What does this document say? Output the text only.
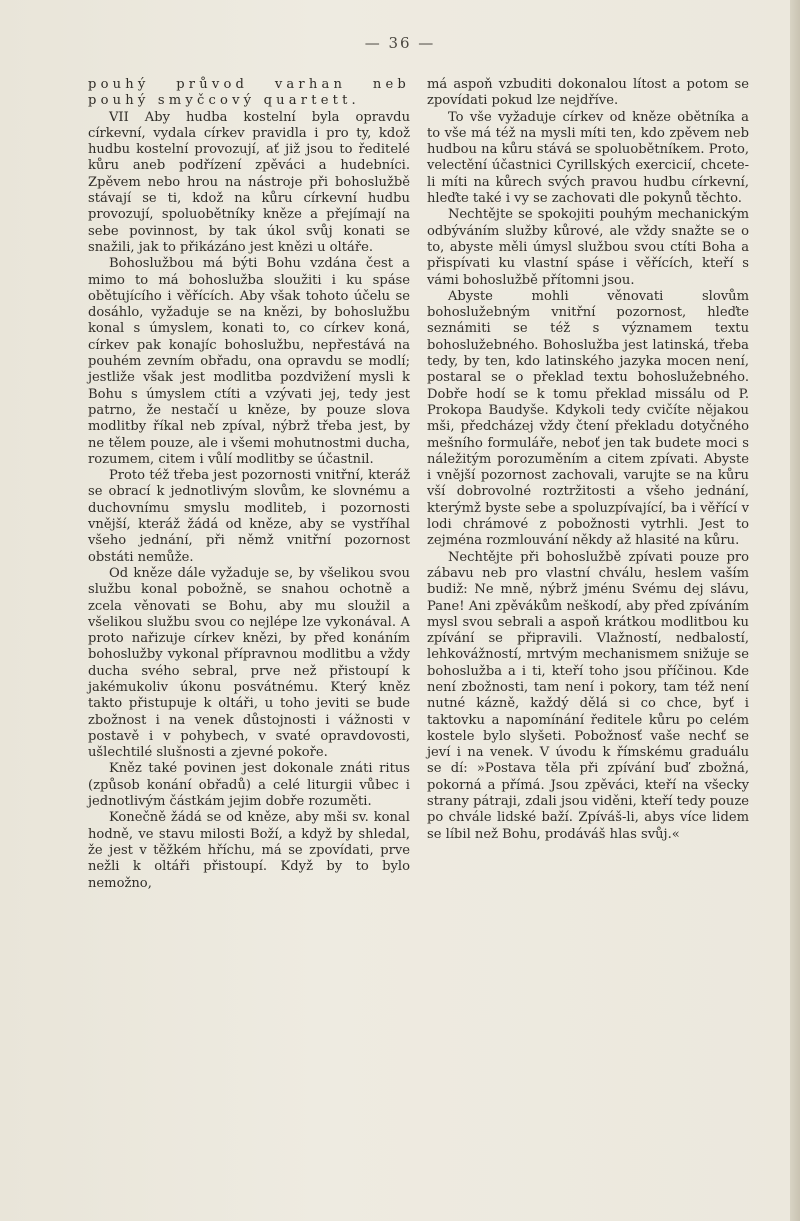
— 36 —

pouhý průvod varhan neb pouhý smyčcový quartett.

VII Aby hudba kostelní byla opravdu církevní, vydala církev pravidla i pro ty, kdož hudbu kostelní provozují, ať již jsou to ředitelé kůru aneb podřízení zpěváci a hudebníci. Zpěvem nebo hrou na nástroje při bohoslužbě stávají se ti, kdož na kůru církevní hudbu provozují, spoluobětníky kněze a přejímají na sebe povinnost, by tak úkol svůj konati se snažili, jak to přikázáno jest knězi u oltáře.

Bohoslužbou má býti Bohu vzdána čest a mimo to má bohoslužba sloužiti i ku spáse obětujícího i věřících. Aby však tohoto účelu se dosáhlo, vyžaduje se na knězi, by bohoslužbu konal s úmyslem, konati to, co církev koná, církev pak konajíc bohoslužbu, nepřestává na pouhém zevním obřadu, ona opravdu se modlí; jestliže však jest modlitba pozdvižení mysli k Bohu s úmyslem ctíti a vzývati jej, tedy jest patrno, že nestačí u kněze, by pouze slova modlitby říkal neb zpíval, nýbrž třeba jest, by ne tělem pouze, ale i všemi mohutnostmi ducha, rozumem, citem i vůlí modlitby se účastnil.

Proto též třeba jest pozornosti vnitřní, kteráž se obrací k jednotlivým slovům, ke slovnému a duchovnímu smyslu modliteb, i pozornosti vnější, kteráž žádá od kněze, aby se vystříhal všeho jednání, při němž vnitřní pozornost obstáti nemůže.

Od kněze dále vyžaduje se, by všelikou svou službu konal pobožně, se snahou ochotně a zcela věnovati se Bohu, aby mu sloužil a všelikou službu svou co nejlépe lze vykonával. A proto nařizuje církev knězi, by před konáním bohoslužby vykonal přípravnou modlitbu a vždy ducha svého sebral, prve než přistoupí k jakémukoliv úkonu posvátnému. Který kněz takto přistupuje k oltáři, u toho jeviti se bude zbožnost i na venek důstojnosti i vážnosti v postavě i v pohybech, v svaté opravdovosti, ušlechtilé slušnosti a zjevné pokoře.

Kněz také povinen jest dokonale znáti ritus (způsob konání obřadů) a celé liturgii vůbec i jednotlivým částkám jejim dobře rozuměti.

Konečně žádá se od kněze, aby mši sv. konal hodně, ve stavu milosti Boží, a když by shledal, že jest v těžkém hříchu, má se zpovídati, prve nežli k oltáři přistoupí. Když by to bylo nemožno,

má aspoň vzbuditi dokonalou lítost a potom se zpovídati pokud lze nejdříve.

To vše vyžaduje církev od kněze obětníka a to vše má též na mysli míti ten, kdo zpěvem neb hudbou na kůru stává se spoluobětníkem. Proto, velectění účastnici Cyrillských exercicií, chcete-li míti na kůrech svých pravou hudbu církevní, hleďte také i vy se zachovati dle pokynů těchto.

Nechtějte se spokojiti pouhým mechanickým odbýváním služby kůrové, ale vždy snažte se o to, abyste měli úmysl službou svou ctíti Boha a přispívati ku vlastní spáse i věřících, kteří s vámi bohoslužbě přítomni jsou.

Abyste mohli věnovati slovům bohoslužebným vnitřní pozornost, hleďte seznámiti se též s významem textu bohoslužebného. Bohoslužba jest latinská, třeba tedy, by ten, kdo latinského jazyka mocen není, postaral se o překlad textu bohoslužebného. Dobře hodí se k tomu překlad missálu od P. Prokopa Baudyše. Kdykoli tedy cvičíte nějakou mši, předcházej vždy čtení překladu dotyčného mešního formuláře, neboť jen tak budete moci s náležitým porozuměním a citem zpívati. Abyste i vnější pozornost zachovali, varujte se na kůru vší dobrovolné roztržitosti a všeho jednání, kterýmž byste sebe a spoluzpívající, ba i věřící v lodi chrámové z pobožnosti vytrhli. Jest to zejména rozmlouvání někdy až hlasité na kůru.

Nechtějte při bohoslužbě zpívati pouze pro zábavu neb pro vlastní chválu, heslem vaším budiž: Ne mně, nýbrž jménu Svému dej slávu, Pane! Ani zpěvákům neškodí, aby před zpíváním mysl svou sebrali a aspoň krátkou modlitbou ku zpívání se připravili. Vlažností, nedbalostí, lehkovážností, mrtvým mechanismem snižuje se bohoslužba a i ti, kteří toho jsou příčinou. Kde není zbožnosti, tam není i pokory, tam též není nutné kázně, každý dělá si co chce, byť i taktovku a napomínání ředitele kůru po celém kostele bylo slyšeti. Pobožnosť vaše nechť se jeví i na venek. V úvodu k římskému graduálu se dí: »Postava těla při zpívání buď zbožná, pokorná a přímá. Jsou zpěváci, kteří na všecky strany pátraji, zdali jsou viděni, kteří tedy pouze po chvále lidské baží. Zpíváš-li, abys více lidem se líbil než Bohu, prodáváš hlas svůj.«
